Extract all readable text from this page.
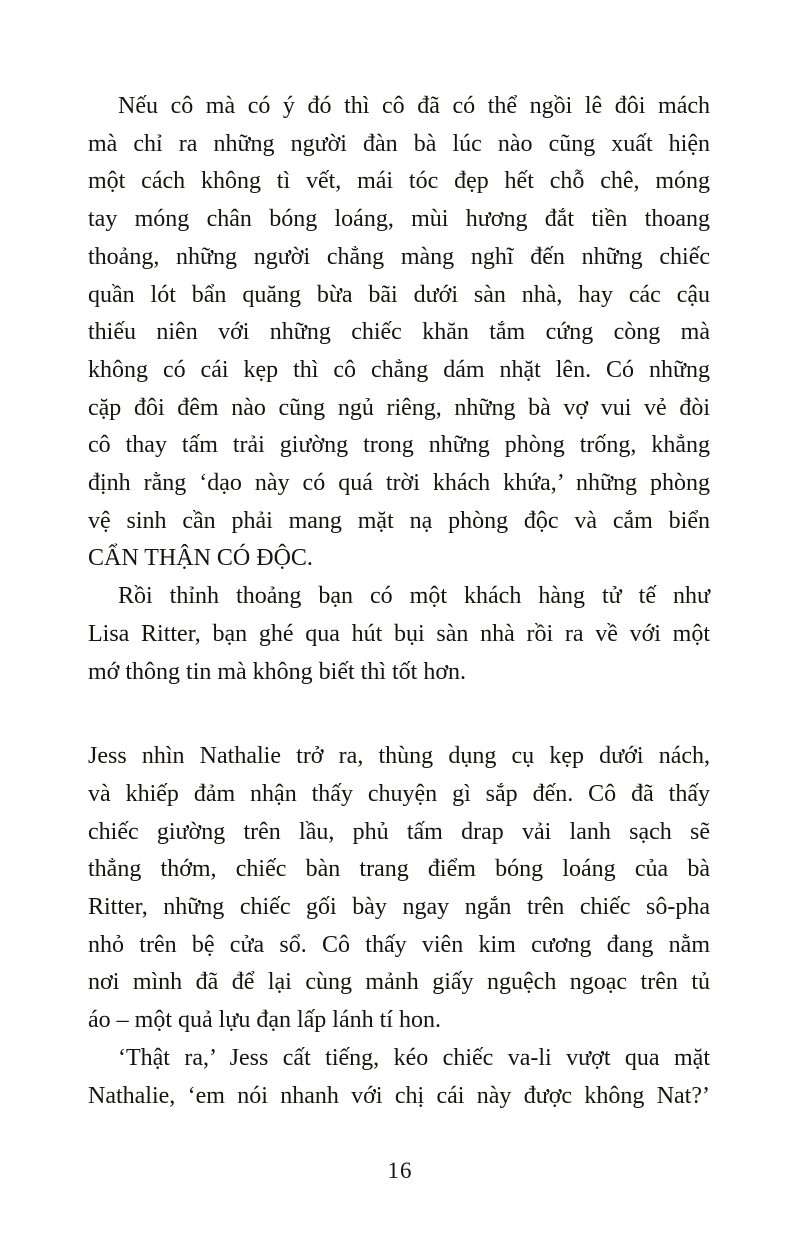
Nếu cô mà có ý đó thì cô đã có thể ngồi lê đôi mách
mà chỉ ra những người đàn bà lúc nào cũng xuất hiện
một cách không tì vết, mái tóc đẹp hết chỗ chê, móng
tay móng chân bóng loáng, mùi hương đắt tiền thoang
thoảng, những người chẳng màng nghĩ đến những chiếc
quần lót bẩn quăng bừa bãi dưới sàn nhà, hay các cậu
thiếu niên với những chiếc khăn tắm cứng còng mà
không có cái kẹp thì cô chẳng dám nhặt lên. Có những
cặp đôi đêm nào cũng ngủ riêng, những bà vợ vui vẻ đòi
cô thay tấm trải giường trong những phòng trống, khẳng
định rằng ‘dạo này có quá trời khách khứa,’ những phòng
vệ sinh cần phải mang mặt nạ phòng độc và cắm biển
CẨN THẬN CÓ ĐỘC.
Rồi thỉnh thoảng bạn có một khách hàng tử tế như
Lisa Ritter, bạn ghé qua hút bụi sàn nhà rồi ra về với một
mớ thông tin mà không biết thì tốt hơn.
Jess nhìn Nathalie trở ra, thùng dụng cụ kẹp dưới nách,
và khiếp đảm nhận thấy chuyện gì sắp đến. Cô đã thấy
chiếc giường trên lầu, phủ tấm drap vải lanh sạch sẽ
thẳng thớm, chiếc bàn trang điểm bóng loáng của bà
Ritter, những chiếc gối bày ngay ngắn trên chiếc sô-pha
nhỏ trên bệ cửa sổ. Cô thấy viên kim cương đang nằm
nơi mình đã để lại cùng mảnh giấy nguệch ngoạc trên tủ
áo – một quả lựu đạn lấp lánh tí hon.
‘Thật ra,’ Jess cất tiếng, kéo chiếc va-li vượt qua mặt
Nathalie, ‘em nói nhanh với chị cái này được không Nat?’
16
